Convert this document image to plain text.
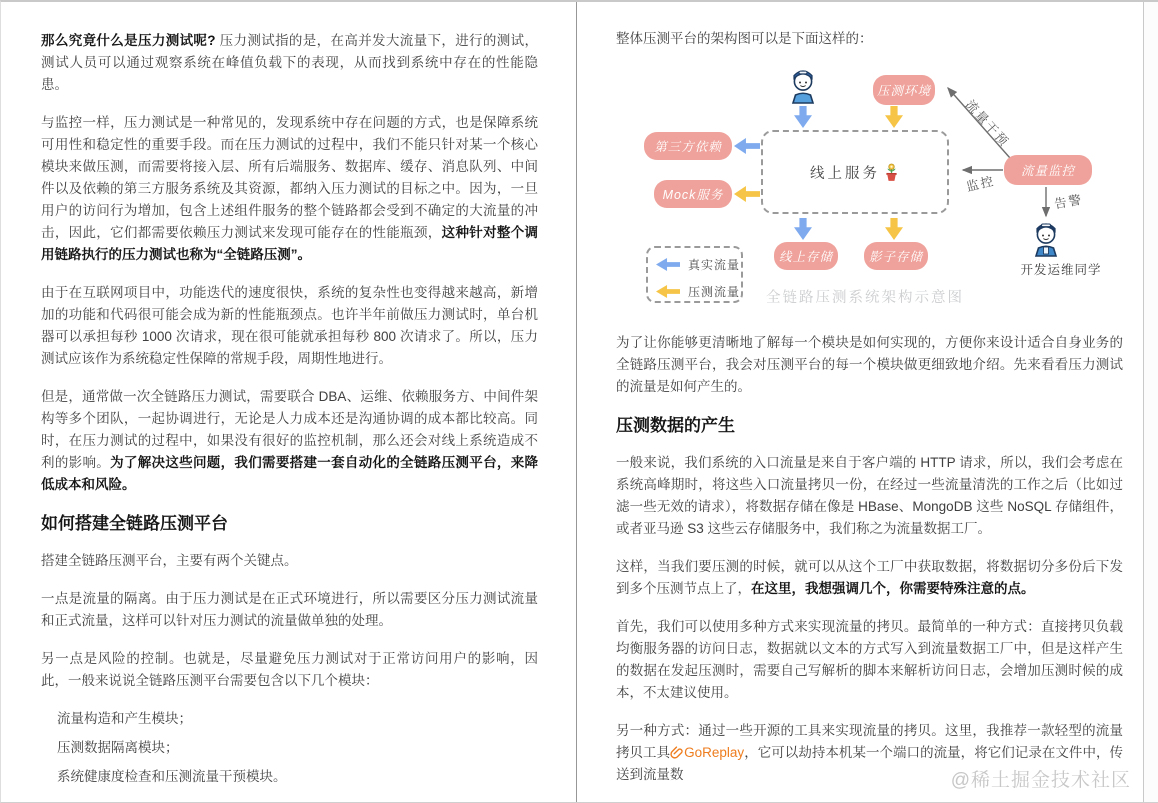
那么究竟什么是压力测试呢? 压力测试指的是，在高并发大流量下，进行的测试，测试人员可以通过观察系统在峰值负载下的表现，从而找到系统中存在的性能隐患。

与监控一样，压力测试是一种常见的，发现系统中存在问题的方式，也是保障系统可用性和稳定性的重要手段。而在压力测试的过程中，我们不能只针对某一个核心模块来做压测，而需要将接入层、所有后端服务、数据库、缓存、消息队列、中间件以及依赖的第三方服务系统及其资源，都纳入压力测试的目标之中。因为，一旦用户的访问行为增加，包含上述组件服务的整个链路都会受到不确定的大流量的冲击，因此，它们都需要依赖压力测试来发现可能存在的性能瓶颈，这种针对整个调用链路执行的压力测试也称为“全链路压测”。

由于在互联网项目中，功能迭代的速度很快，系统的复杂性也变得越来越高，新增加的功能和代码很可能会成为新的性能瓶颈点。也许半年前做压力测试时，单台机器可以承担每秒 1000 次请求，现在很可能就承担每秒 800 次请求了。所以，压力测试应该作为系统稳定性保障的常规手段，周期性地进行。

但是，通常做一次全链路压力测试，需要联合 DBA、运维、依赖服务方、中间件架构等多个团队，一起协调进行，无论是人力成本还是沟通协调的成本都比较高。同时，在压力测试的过程中，如果没有很好的监控机制，那么还会对线上系统造成不利的影响。为了解决这些问题，我们需要搭建一套自动化的全链路压测平台，来降低成本和风险。

如何搭建全链路压测平台

搭建全链路压测平台，主要有两个关键点。

一点是流量的隔离。由于压力测试是在正式环境进行，所以需要区分压力测试流量和正式流量，这样可以针对压力测试的流量做单独的处理。

另一点是风险的控制。也就是，尽量避免压力测试对于正常访问用户的影响，因此，一般来说说全链路压测平台需要包含以下几个模块：

流量构造和产生模块；
压测数据隔离模块；
系统健康度检查和压测流量干预模块。

整体压测平台的架构图可以是下面这样的：

压测环境
线上服务
第三方依赖
Mock服务
线上存储	影子存储
流量监控
流量干预
监控
告警
开发运维同学
真实流量
压测流量 全链路压测系统架构示意图

为了让你能够更清晰地了解每一个模块是如何实现的，方便你来设计适合自身业务的全链路压测平台，我会对压测平台的每一个模块做更细致地介绍。先来看看压力测试的流量是如何产生的。

压测数据的产生

一般来说，我们系统的入口流量是来自于客户端的 HTTP 请求，所以，我们会考虑在系统高峰期时，将这些入口流量拷贝一份，在经过一些流量清洗的工作之后（比如过滤一些无效的请求），将数据存储在像是 HBase、MongoDB 这些 NoSQL 存储组件，或者亚马逊 S3 这些云存储服务中，我们称之为流量数据工厂。

这样，当我们要压测的时候，就可以从这个工厂中获取数据，将数据切分多份后下发到多个压测节点上了，在这里，我想强调几个，你需要特殊注意的点。

首先，我们可以使用多种方式来实现流量的拷贝。最简单的一种方式：直接拷贝负载均衡服务器的访问日志，数据就以文本的方式写入到流量数据工厂中，但是这样产生的数据在发起压测时，需要自己写解析的脚本来解析访问日志，会增加压测时候的成本，不太建议使用。

另一种方式：通过一些开源的工具来实现流量的拷贝。这里，我推荐一款轻型的流量拷贝工具 GoReplay，它可以劫持本机某一个端口的流量，将它们记录在文件中，传送到流量数	@稀土掘金技术社区
